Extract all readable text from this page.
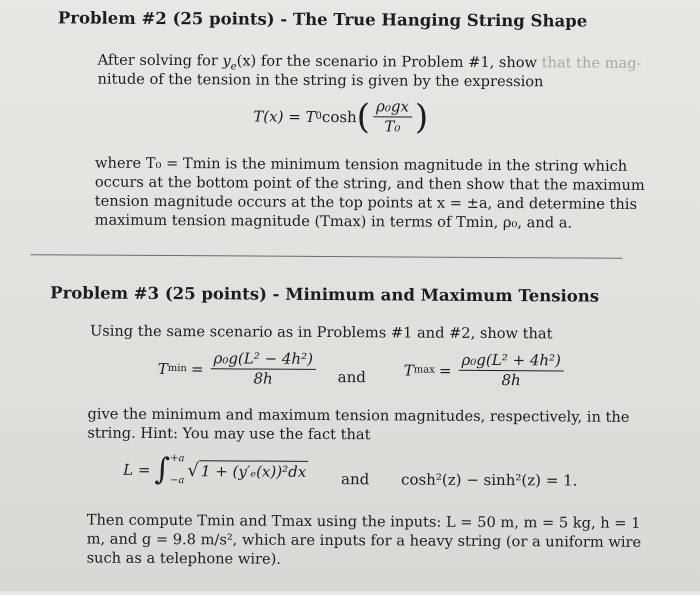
Problem #2 (25 points) - The True Hanging String Shape
After solving for $y_e(x)$ for the scenario in Problem #1, show that the mag-
nitude of the tension in the string is given by the expression
T(x) = T 0 cosh ( $\frac{\text{ρ₀gx}}{\text{T₀}}$ )
where T₀ = Tmin is the minimum tension magnitude in the string which
occurs at the bottom point of the string, and then show that the maximum
tension magnitude occurs at the top points at x = ±a, and determine this
maximum tension magnitude (Tmax) in terms of Tmin, ρ₀, and a.
Problem #3 (25 points) - Minimum and Maximum Tensions
Using the same scenario as in Problems #1 and #2, show that
T $\min = \frac{\text{ρ₀g(L² − 4h²)}}{8h}$ and	T $\max = \frac{\text{ρ₀g(L² + 4h²)}}{8h}$
give the minimum and maximum tension magnitudes, respectively, in the
string. Hint: You may use the fact that
L = ∫ +a
−a √ 1 + (y′ₑ(x))²dx and cosh²(z) − sinh²(z) = 1.
Then compute Tmin and Tmax using the inputs: L = 50 m, m = 5 kg, h = 1
m, and g = 9.8 m/s², which are inputs for a heavy string (or a uniform wire
such as a telephone wire).
